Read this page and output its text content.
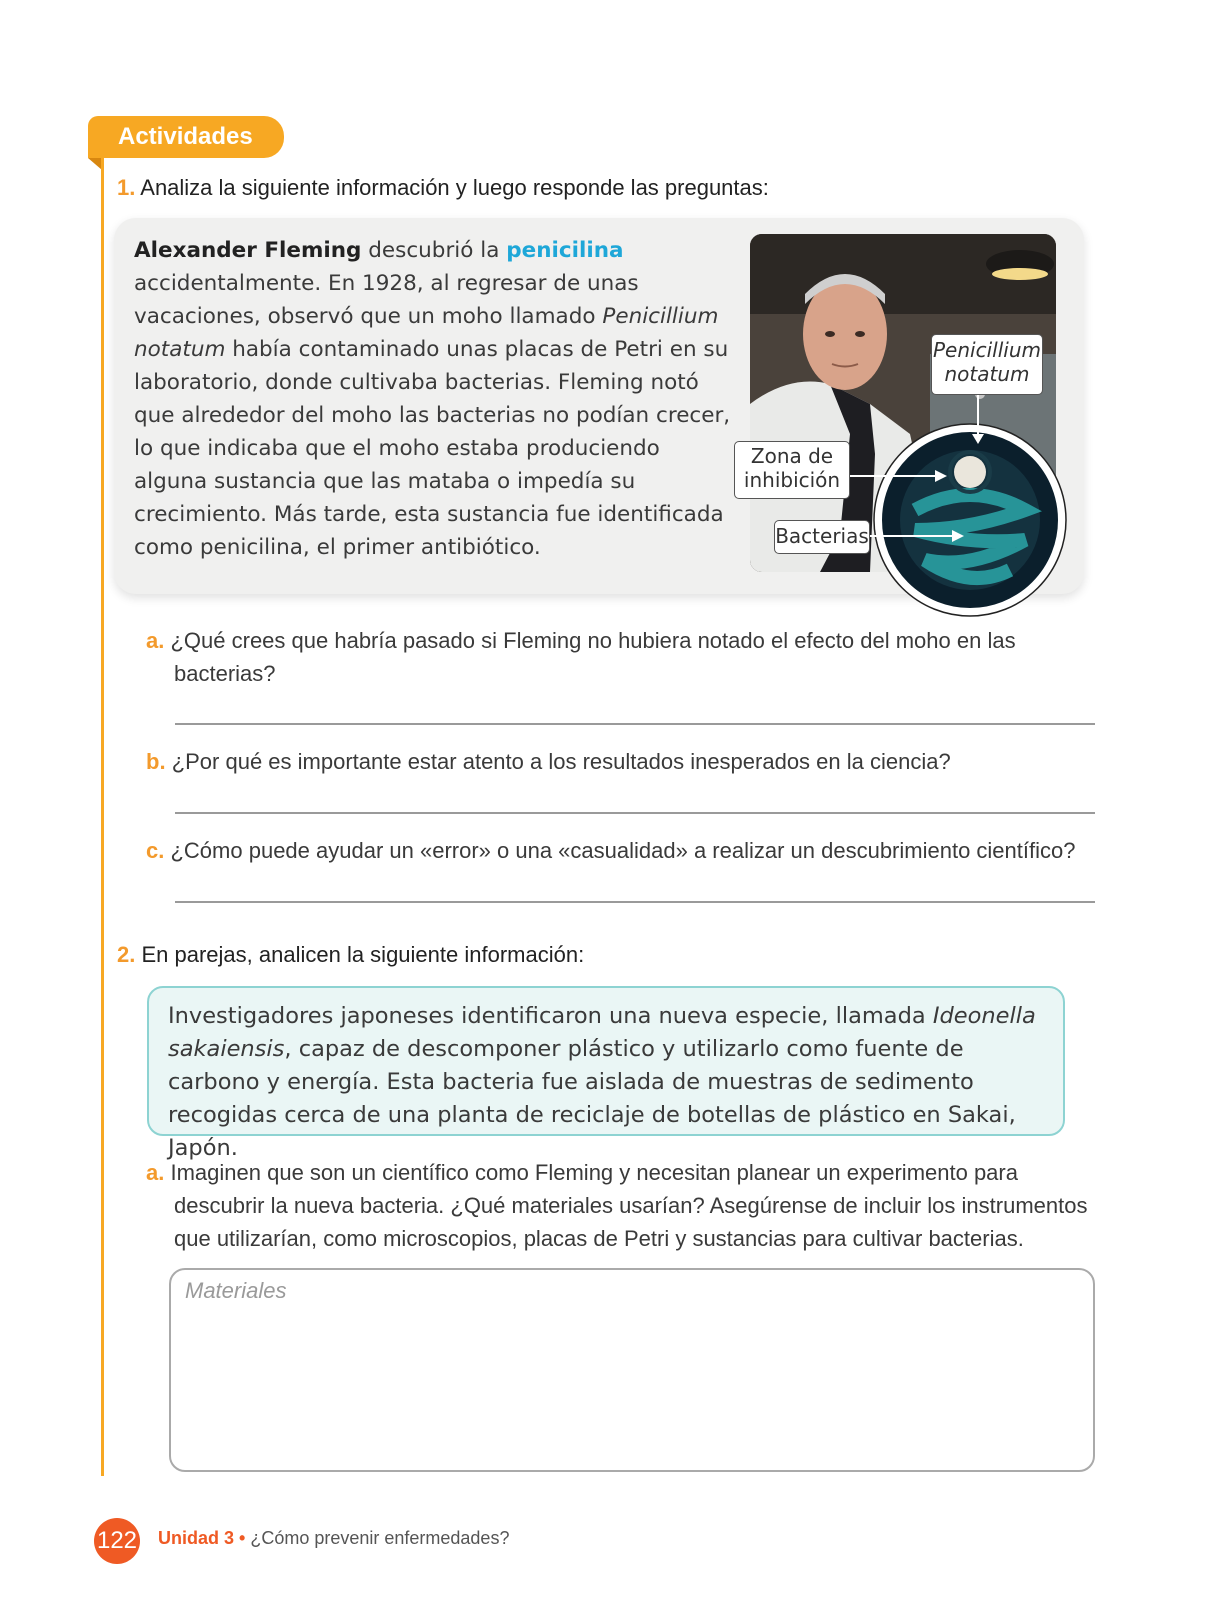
Actividades
1. Analiza la siguiente información y luego responde las preguntas:
Alexander Fleming descubrió la penicilina accidentalmente. En 1928, al regresar de unas vacaciones, observó que un moho llamado Penicillium notatum había contaminado unas placas de Petri en su laboratorio, donde cultivaba bacterias. Fleming notó que alrededor del moho las bacterias no podían crecer, lo que indicaba que el moho estaba produciendo alguna sustancia que las mataba o impedía su crecimiento. Más tarde, esta sustancia fue identificada como penicilina, el primer antibiótico.
Penicillium
notatum
Zona de
inhibición
Bacterias
a. ¿Qué crees que habría pasado si Fleming no hubiera notado el efecto del moho en las bacterias?
b. ¿Por qué es importante estar atento a los resultados inesperados en la ciencia?
c. ¿Cómo puede ayudar un «error» o una «casualidad» a realizar un descubrimiento científico?
2. En parejas, analicen la siguiente información:
Investigadores japoneses identificaron una nueva especie, llamada Ideonella sakaiensis, capaz de descomponer plástico y utilizarlo como fuente de carbono y energía. Esta bacteria fue aislada de muestras de sedimento recogidas cerca de una planta de reciclaje de botellas de plástico en Sakai, Japón.
a. Imaginen que son un científico como Fleming y necesitan planear un experimento para descubrir la nueva bacteria. ¿Qué materiales usarían? Asegúrense de incluir los instrumentos que utilizarían, como microscopios, placas de Petri y sustancias para cultivar bacterias.
Materiales
122 Unidad 3 • ¿Cómo prevenir enfermedades?
